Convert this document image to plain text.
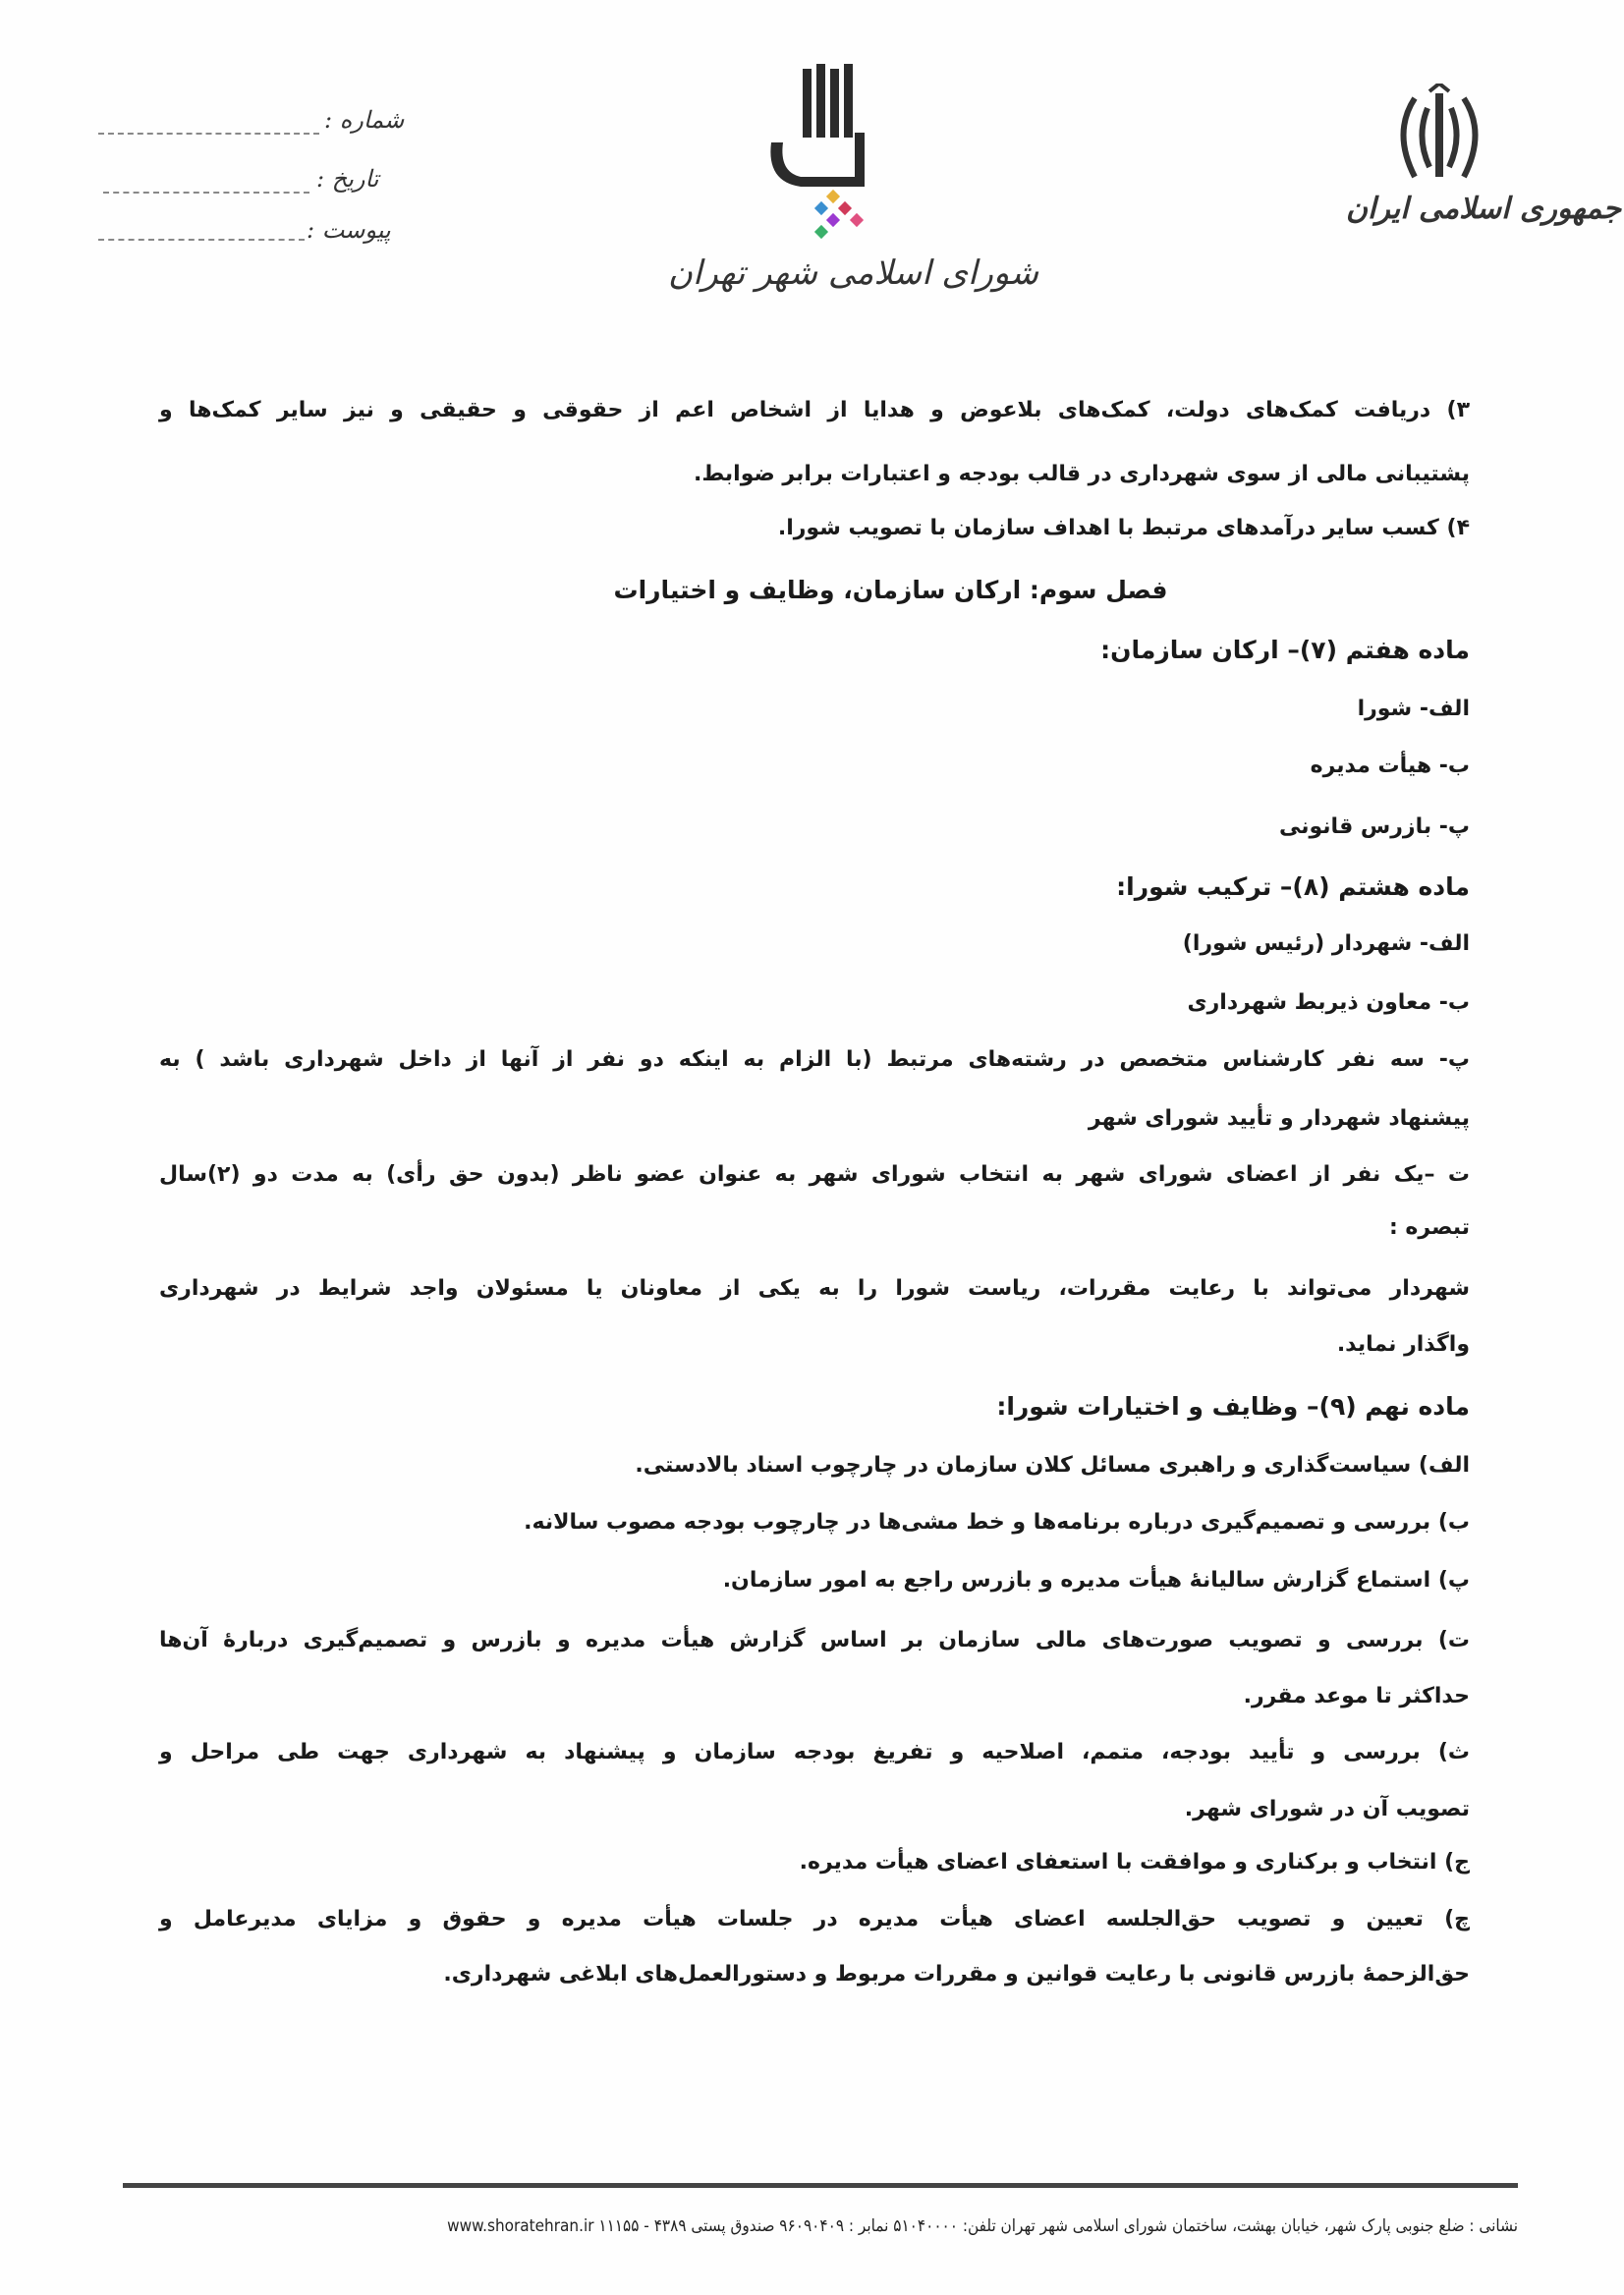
جمهوری اسلامی ایران
شورای اسلامی شهر تهران
شماره :
تاریخ :
پیوست :
۳) دریافت کمک‌های دولت، کمک‌های بلاعوض و هدایا از اشخاص اعم از حقوقی و حقیقی و نیز سایر کمک‌ها و
پشتیبانی مالی از سوی شهرداری در قالب بودجه و اعتبارات برابر ضوابط.
۴) کسب سایر درآمدهای مرتبط با اهداف سازمان با تصویب شورا.
فصل سوم: ارکان سازمان، وظایف و اختیارات
ماده هفتم (۷)– ارکان سازمان:
الف- شورا
ب- هیأت مدیره
پ- بازرس قانونی
ماده هشتم (۸)– ترکیب شورا:
الف- شهردار (رئیس شورا)
ب- معاون ذیربط شهرداری
پ- سه نفر کارشناس متخصص در رشته‌های مرتبط (با الزام به اینکه دو نفر از آنها از داخل شهرداری باشد ) به
پیشنهاد شهردار و تأیید شورای شهر
ت –یک نفر از اعضای شورای شهر به انتخاب شورای شهر به عنوان عضو ناظر (بدون حق رأی) به مدت دو (۲)سال
تبصره :
شهردار می‌تواند با رعایت مقررات، ریاست شورا را به یکی از معاونان یا مسئولان واجد شرایط در شهرداری
واگذار نماید.
ماده نهم (۹)– وظایف و اختیارات شورا:
الف) سیاست‌گذاری و راهبری مسائل کلان سازمان در چارچوب اسناد بالادستی.
ب) بررسی و تصمیم‌گیری درباره برنامه‌ها و خط مشی‌ها در چارچوب بودجه مصوب سالانه.
پ) استماع گزارش سالیانۀ هیأت مدیره و بازرس راجع به امور سازمان.
ت) بررسی و تصویب صورت‌های مالی سازمان بر اساس گزارش هیأت مدیره و بازرس و تصمیم‌گیری دربارۀ آن‌ها
حداکثر تا موعد مقرر.
ث) بررسی و تأیید بودجه، متمم، اصلاحیه و تفریغ بودجه سازمان و پیشنهاد به شهرداری جهت طی مراحل و
تصویب آن در شورای شهر.
ج) انتخاب و برکناری و موافقت با استعفای اعضای هیأت مدیره.
چ) تعیین و تصویب حق‌الجلسه اعضای هیأت مدیره در جلسات هیأت مدیره و حقوق و مزایای مدیرعامل و
حق‌الزحمۀ بازرس قانونی با رعایت قوانین و مقررات مربوط و دستورالعمل‌های ابلاغی شهرداری.
نشانی : ضلع جنوبی پارک شهر، خیابان بهشت، ساختمان شورای اسلامی شهر تهران تلفن: ۵۱۰۴۰۰۰۰ نمابر : ۹۶۰۹۰۴۰۹ صندوق پستی ۴۳۸۹ - ۱۱۱۵۵ www.shoratehran.ir
